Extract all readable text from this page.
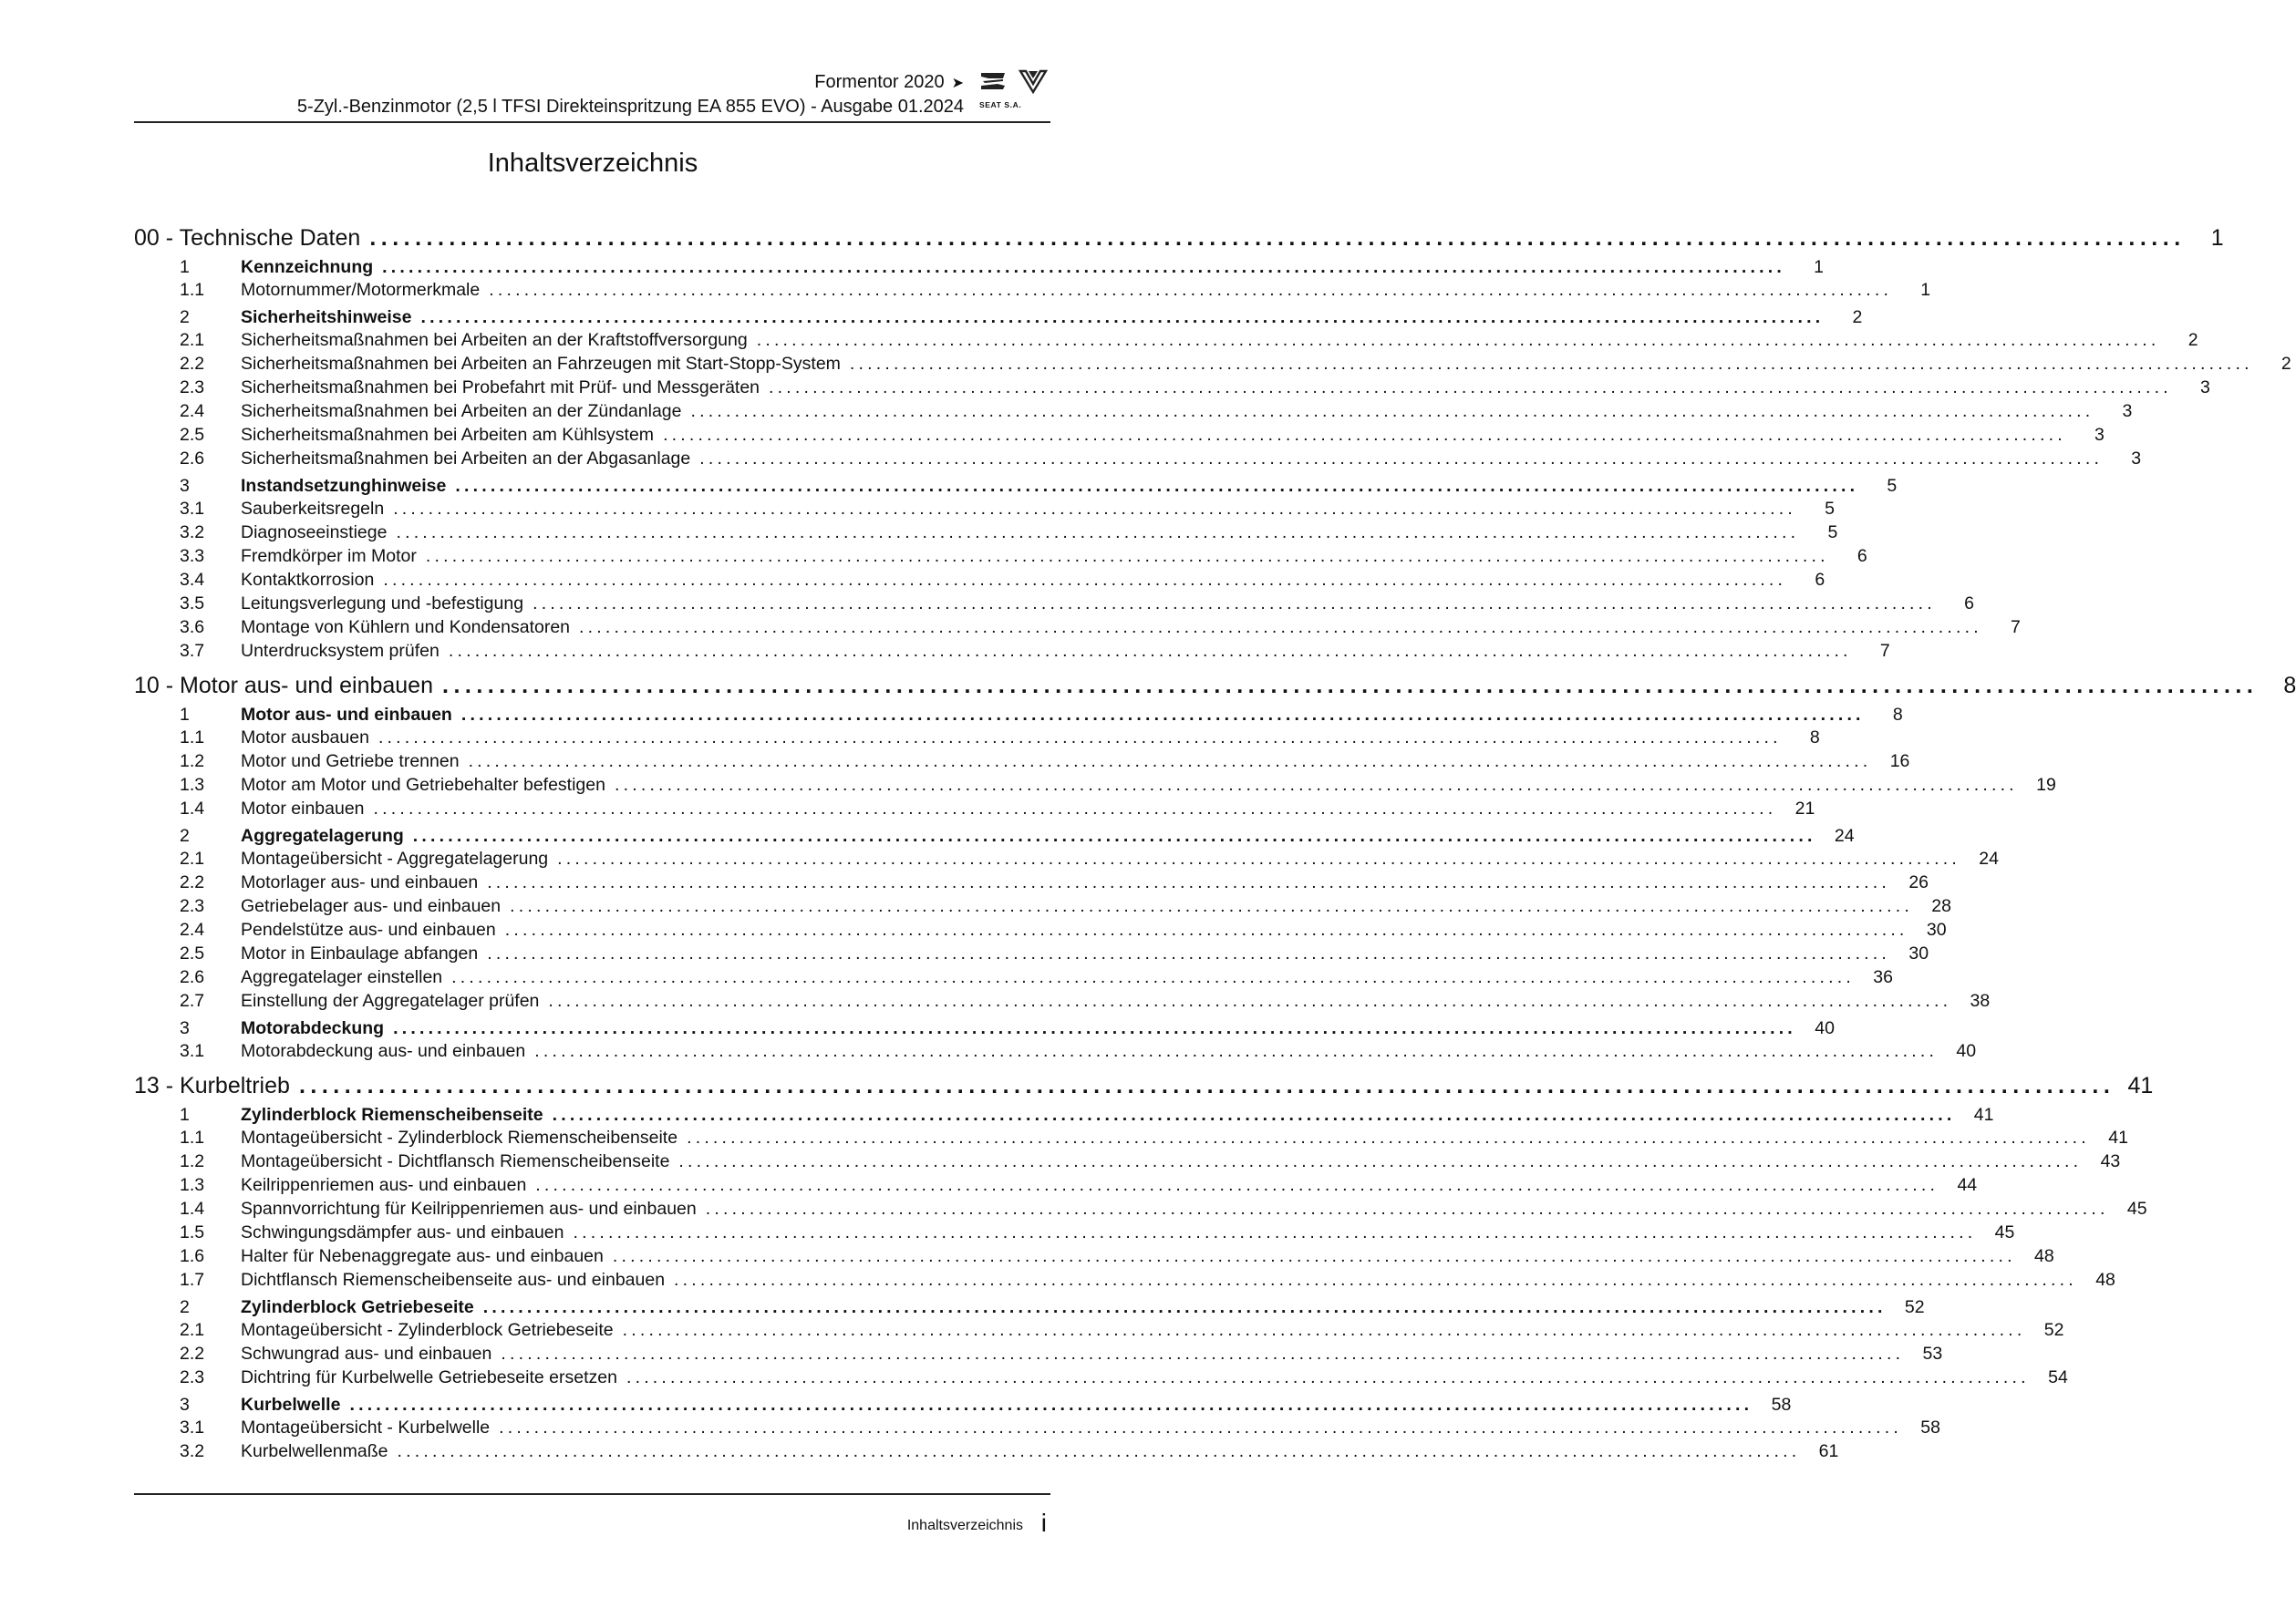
Formentor 2020 ➤
5-Zyl.-Benzinmotor (2,5 l TFSI Direkteinspritzung EA 855 EVO) - Ausgabe 01.2024 SEAT S.A.
Inhaltsverzeichnis
00 - Technische Daten ................................................................................................................................................................	1
1	Kennzeichnung ................................................................................................................................................................	1
1.1	Motornummer/Motormerkmale ................................................................................................................................................................	1
2	Sicherheitshinweise ................................................................................................................................................................	2
2.1	Sicherheitsmaßnahmen bei Arbeiten an der Kraftstoffversorgung ................................................................................................................................................................	2
2.2	Sicherheitsmaßnahmen bei Arbeiten an Fahrzeugen mit Start-Stopp-System ................................................................................................................................................................	2
2.3	Sicherheitsmaßnahmen bei Probefahrt mit Prüf- und Messgeräten ................................................................................................................................................................	3
2.4	Sicherheitsmaßnahmen bei Arbeiten an der Zündanlage ................................................................................................................................................................	3
2.5	Sicherheitsmaßnahmen bei Arbeiten am Kühlsystem ................................................................................................................................................................	3
2.6	Sicherheitsmaßnahmen bei Arbeiten an der Abgasanlage ................................................................................................................................................................	3
3	Instandsetzunghinweise ................................................................................................................................................................	5
3.1	Sauberkeitsregeln ................................................................................................................................................................	5
3.2	Diagnoseeinstiege ................................................................................................................................................................	5
3.3	Fremdkörper im Motor ................................................................................................................................................................	6
3.4	Kontaktkorrosion ................................................................................................................................................................	6
3.5	Leitungsverlegung und -befestigung ................................................................................................................................................................	6
3.6	Montage von Kühlern und Kondensatoren ................................................................................................................................................................	7
3.7	Unterdrucksystem prüfen ................................................................................................................................................................	7
10 - Motor aus- und einbauen ................................................................................................................................................................	8
1	Motor aus- und einbauen ................................................................................................................................................................	8
1.1	Motor ausbauen ................................................................................................................................................................	8
1.2	Motor und Getriebe trennen ................................................................................................................................................................	16
1.3	Motor am Motor und Getriebehalter befestigen ................................................................................................................................................................	19
1.4	Motor einbauen ................................................................................................................................................................	21
2	Aggregatelagerung ................................................................................................................................................................	24
2.1	Montageübersicht - Aggregatelagerung ................................................................................................................................................................	24
2.2	Motorlager aus- und einbauen ................................................................................................................................................................	26
2.3	Getriebelager aus- und einbauen ................................................................................................................................................................	28
2.4	Pendelstütze aus- und einbauen ................................................................................................................................................................	30
2.5	Motor in Einbaulage abfangen ................................................................................................................................................................	30
2.6	Aggregatelager einstellen ................................................................................................................................................................	36
2.7	Einstellung der Aggregatelager prüfen ................................................................................................................................................................	38
3	Motorabdeckung ................................................................................................................................................................	40
3.1	Motorabdeckung aus- und einbauen ................................................................................................................................................................	40
13 - Kurbeltrieb ................................................................................................................................................................ 41
1	Zylinderblock Riemenscheibenseite ................................................................................................................................................................	41
1.1	Montageübersicht - Zylinderblock Riemenscheibenseite ................................................................................................................................................................	41
1.2	Montageübersicht - Dichtflansch Riemenscheibenseite ................................................................................................................................................................	43
1.3	Keilrippenriemen aus- und einbauen ................................................................................................................................................................	44
1.4	Spannvorrichtung für Keilrippenriemen aus- und einbauen ................................................................................................................................................................	45
1.5	Schwingungsdämpfer aus- und einbauen ................................................................................................................................................................	45
1.6	Halter für Nebenaggregate aus- und einbauen ................................................................................................................................................................	48
1.7	Dichtflansch Riemenscheibenseite aus- und einbauen ................................................................................................................................................................	48
2	Zylinderblock Getriebeseite ................................................................................................................................................................	52
2.1	Montageübersicht - Zylinderblock Getriebeseite ................................................................................................................................................................	52
2.2	Schwungrad aus- und einbauen ................................................................................................................................................................	53
2.3	Dichtring für Kurbelwelle Getriebeseite ersetzen ................................................................................................................................................................	54
3	Kurbelwelle ................................................................................................................................................................	58
3.1	Montageübersicht - Kurbelwelle ................................................................................................................................................................	58
3.2	Kurbelwellenmaße ................................................................................................................................................................	61
Inhaltsverzeichnis i
